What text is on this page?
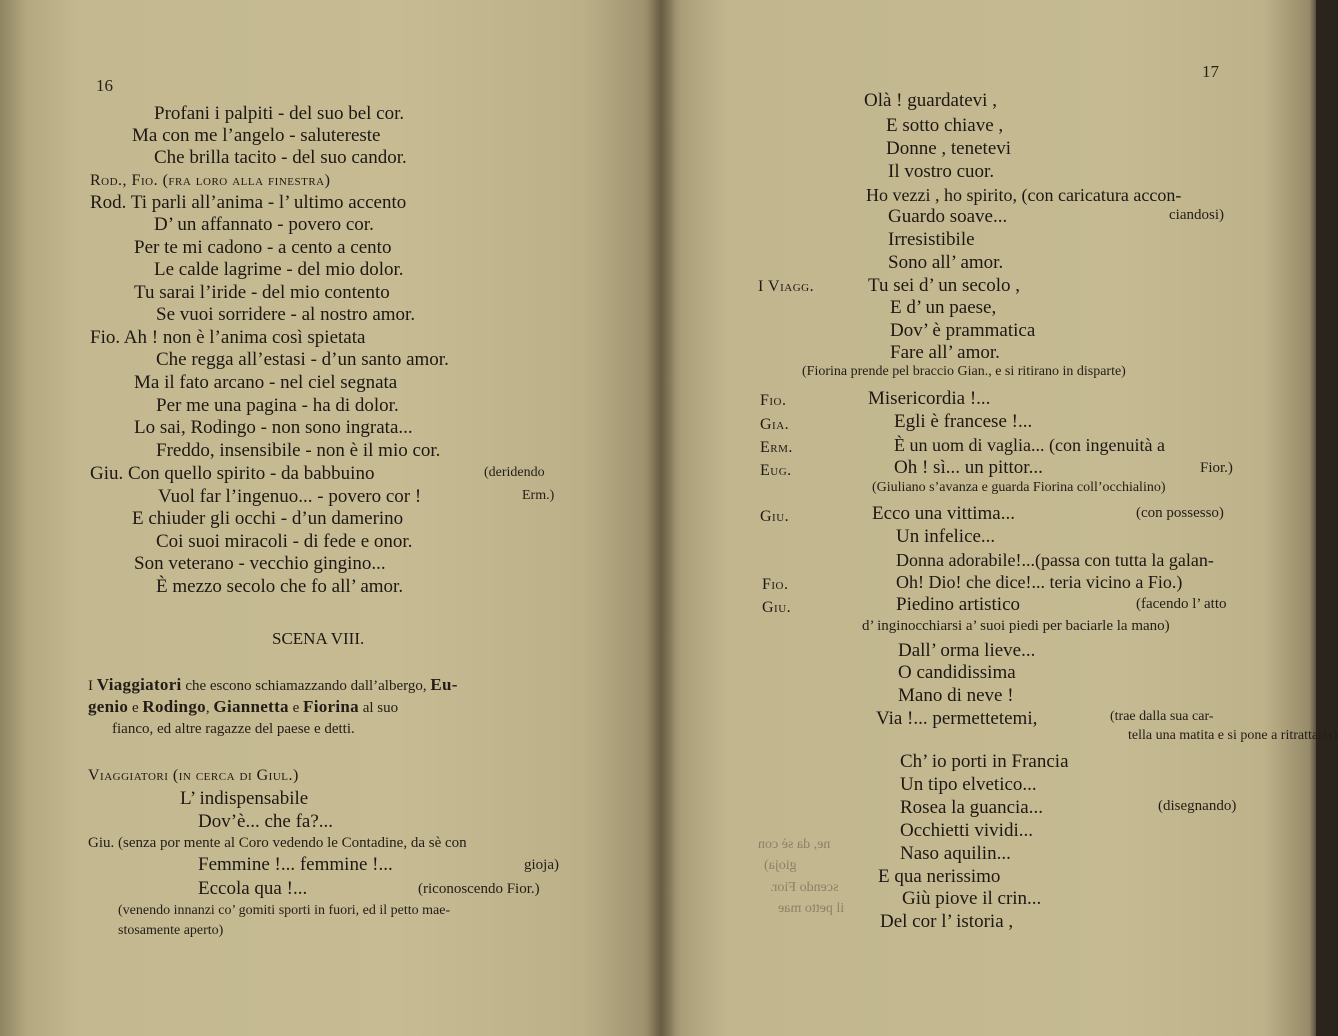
16
Profani i palpiti - del suo bel cor.
Ma con me l’angelo - salutereste
Che brilla tacito - del suo candor.
Rod., Fio. (fra loro alla finestra)
Rod. Ti parli all’anima - l’ ultimo accento
D’ un affannato - povero cor.
Per te mi cadono - a cento a cento
Le calde lagrime - del mio dolor.
Tu sarai l’iride - del mio contento
Se vuoi sorridere - al nostro amor.
Fio. Ah ! non è l’anima così spietata
Che regga all’estasi - d’un santo amor.
Ma il fato arcano - nel ciel segnata
Per me una pagina - ha di dolor.
Lo sai, Rodingo - non sono ingrata...
Freddo, insensibile - non è il mio cor.
Giu. Con quello spirito - da babbuino	(deridendo
Vuol far l’ingenuo... - povero cor !	Erm.)
E chiuder gli occhi - d’un damerino
Coi suoi miracoli - di fede e onor.
Son veterano - vecchio gingino...
È mezzo secolo che fo all’ amor.
SCENA VIII.
I Viaggiatori che escono schiamazzando dall’albergo, Eu-
genio e Rodingo, Giannetta e Fiorina al suo
fianco, ed altre ragazze del paese e detti.
Viaggiatori (in cerca di Giul.)
L’ indispensabile
Dov’è... che fa?...
Giu. (senza por mente al Coro vedendo le Contadine, da sè con
Femmine !... femmine !...	gioja)
Eccola qua !...	(riconoscendo Fior.)
(venendo innanzi co’ gomiti sporti in fuori, ed il petto mae-
stosamente aperto)
17
Olà ! guardatevi ,
E sotto chiave ,
Donne , tenetevi
Il vostro cuor.
Ho vezzi , ho spirito, (con caricatura accon-
Guardo soave...	ciandosi)
Irresistibile
Sono all’ amor.
I Viagg.	Tu sei d’ un secolo ,
E d’ un paese,
Dov’ è prammatica
Fare all’ amor.
(Fiorina prende pel braccio Gian., e si ritirano in disparte)
Fio.	Misericordia !...
Gia.	Egli è francese !...
Erm.	È un uom di vaglia... (con ingenuità a
Eug.	Oh ! sì... un pittor...	Fior.)
(Giuliano s’avanza e guarda Fiorina coll’occhialino)
Giu.	Ecco una vittima...	(con possesso)
Un infelice...
Donna adorabile!...(passa con tutta la galan-
Fio.	Oh! Dio! che dice!... teria vicino a Fio.)
Giu.	Piedino artistico	(facendo l’ atto
d’ inginocchiarsi a’ suoi piedi per baciarle la mano)
Dall’ orma lieve...
O candidissima
Mano di neve !
Via !... permettetemi,	(trae dalla sua car-
tella una matita e si pone a ritrattarla)
Ch’ io porti in Francia
Un tipo elvetico...
Rosea la guancia...	(disegnando)
Occhietti vividi...
Naso aquilin...
E qua nerissimo
Giù piove il crin...
Del cor l’ istoria ,
ne, da sè con
gioja)
scendo Fior.
il petto mae
